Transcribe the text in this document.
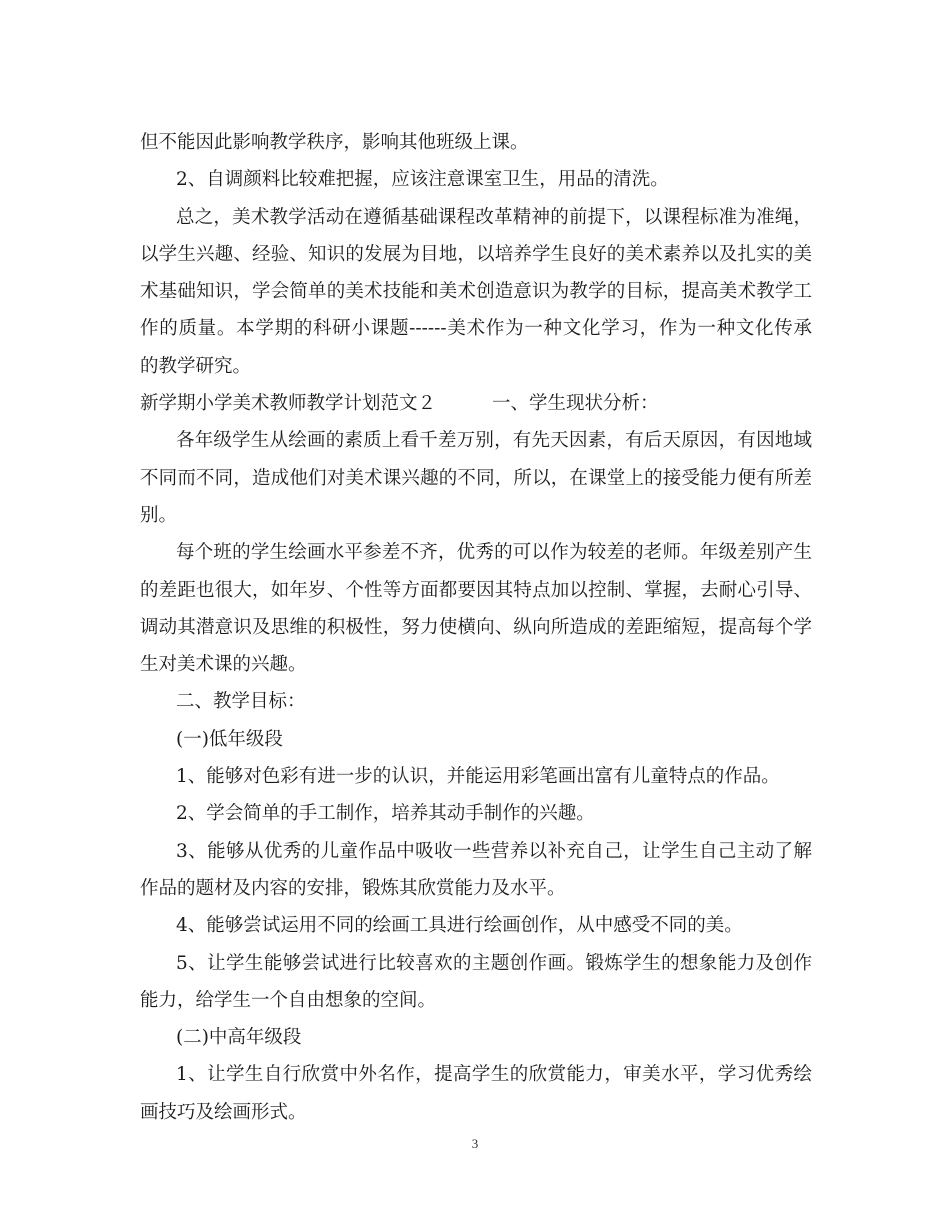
但不能因此影响教学秩序，影响其他班级上课。

2、自调颜料比较难把握，应该注意课室卫生，用品的清洗。

总之，美术教学活动在遵循基础课程改革精神的前提下，以课程标准为准绳，

以学生兴趣、经验、知识的发展为目地，以培养学生良好的美术素养以及扎实的美

术基础知识，学会简单的美术技能和美术创造意识为教学的目标，提高美术教学工

作的质量。本学期的科研小课题------美术作为一种文化学习，作为一种文化传承

的教学研究。

新学期小学美术教师教学计划范文２	一、学生现状分析：

各年级学生从绘画的素质上看千差万别，有先天因素，有后天原因，有因地域

不同而不同，造成他们对美术课兴趣的不同，所以，在课堂上的接受能力便有所差

别。

每个班的学生绘画水平参差不齐，优秀的可以作为较差的老师。年级差别产生

的差距也很大，如年岁、个性等方面都要因其特点加以控制、掌握，去耐心引导、

调动其潜意识及思维的积极性，努力使横向、纵向所造成的差距缩短，提高每个学

生对美术课的兴趣。

二、教学目标：

(一)低年级段

1、能够对色彩有进一步的认识，并能运用彩笔画出富有儿童特点的作品。

2、学会简单的手工制作，培养其动手制作的兴趣。

3、能够从优秀的儿童作品中吸收一些营养以补充自己，让学生自己主动了解

作品的题材及内容的安排，锻炼其欣赏能力及水平。

4、能够尝试运用不同的绘画工具进行绘画创作，从中感受不同的美。

5、让学生能够尝试进行比较喜欢的主题创作画。锻炼学生的想象能力及创作

能力，给学生一个自由想象的空间。

(二)中高年级段

1、让学生自行欣赏中外名作，提高学生的欣赏能力，审美水平，学习优秀绘

画技巧及绘画形式。

3
